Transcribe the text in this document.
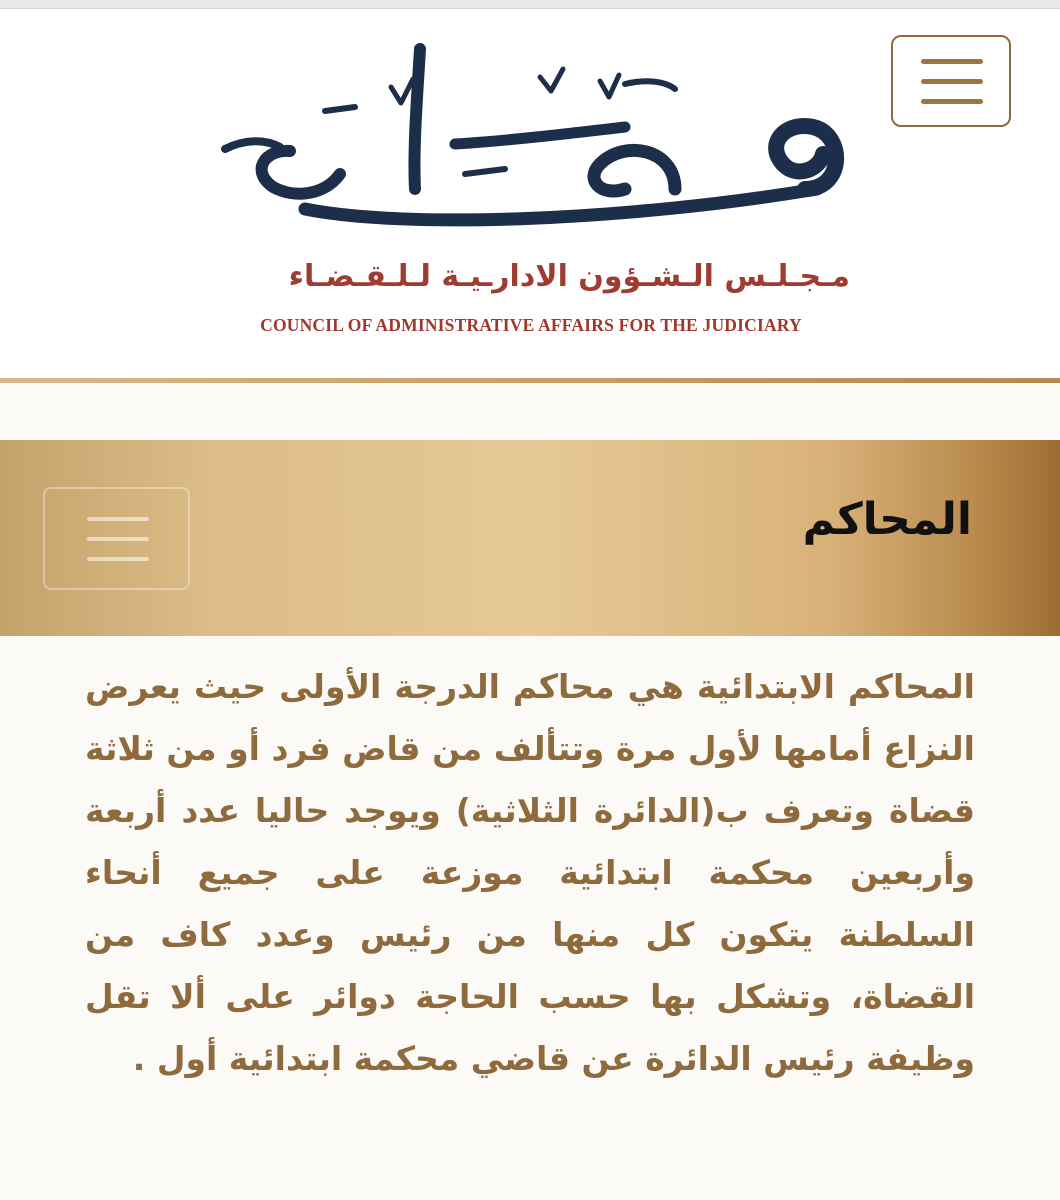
مـجـلـس الـشـؤون الادارـيـة لـلـقـضـاء
COUNCIL OF ADMINISTRATIVE AFFAIRS FOR THE JUDICIARY
المحاكم

المحاكم الابتدائية هي محاكم الدرجة الأولى حيث يعرض النزاع أمامها لأول مرة وتتألف من قاض فرد أو من ثلاثة قضاة وتعرف ب(الدائرة الثلاثية) ويوجد حاليا عدد أربعة وأربعين محكمة ابتدائية موزعة على جميع أنحاء السلطنة يتكون كل منها من رئيس وعدد كاف من القضاة، وتشكل بها حسب الحاجة دوائر على ألا تقل وظيفة رئيس الدائرة عن قاضي محكمة ابتدائية أول .
